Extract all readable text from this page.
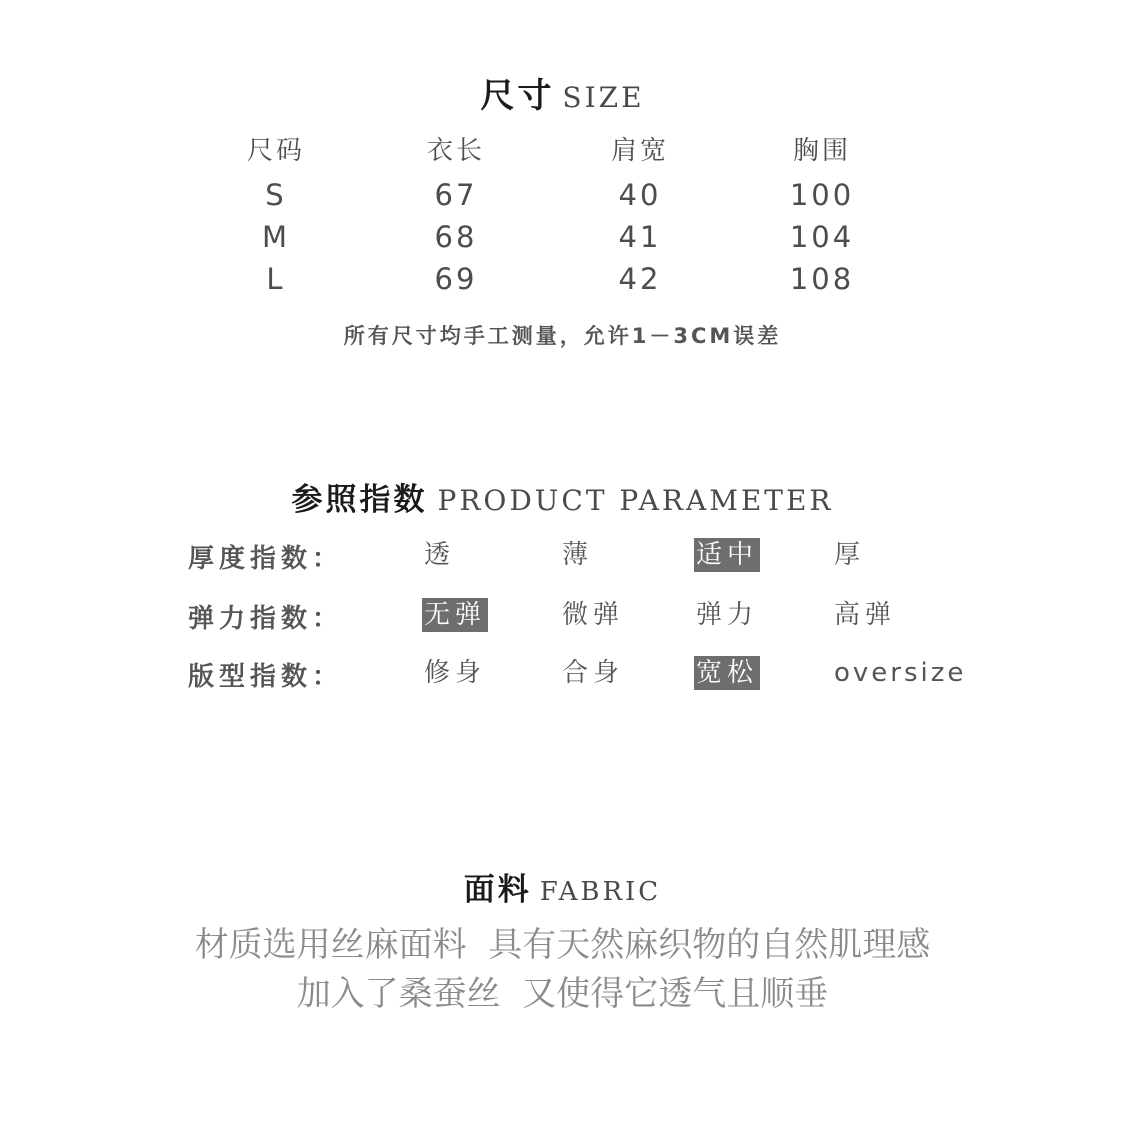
尺寸 SIZE
尺码	衣长	肩宽	胸围
S	67	40	100
M	68	41	104
L	69	42	108
所有尺寸均手工测量，允许1－3CM误差
参照指数 PRODUCT PARAMETER
厚度指数：	透	薄	适中	厚
弹力指数：	无弹	微弹	弹力	高弹
版型指数：	修身	合身	宽松	oversize
面料 FABRIC
材质选用丝麻面料  具有天然麻织物的自然肌理感
加入了桑蚕丝  又使得它透气且顺垂
